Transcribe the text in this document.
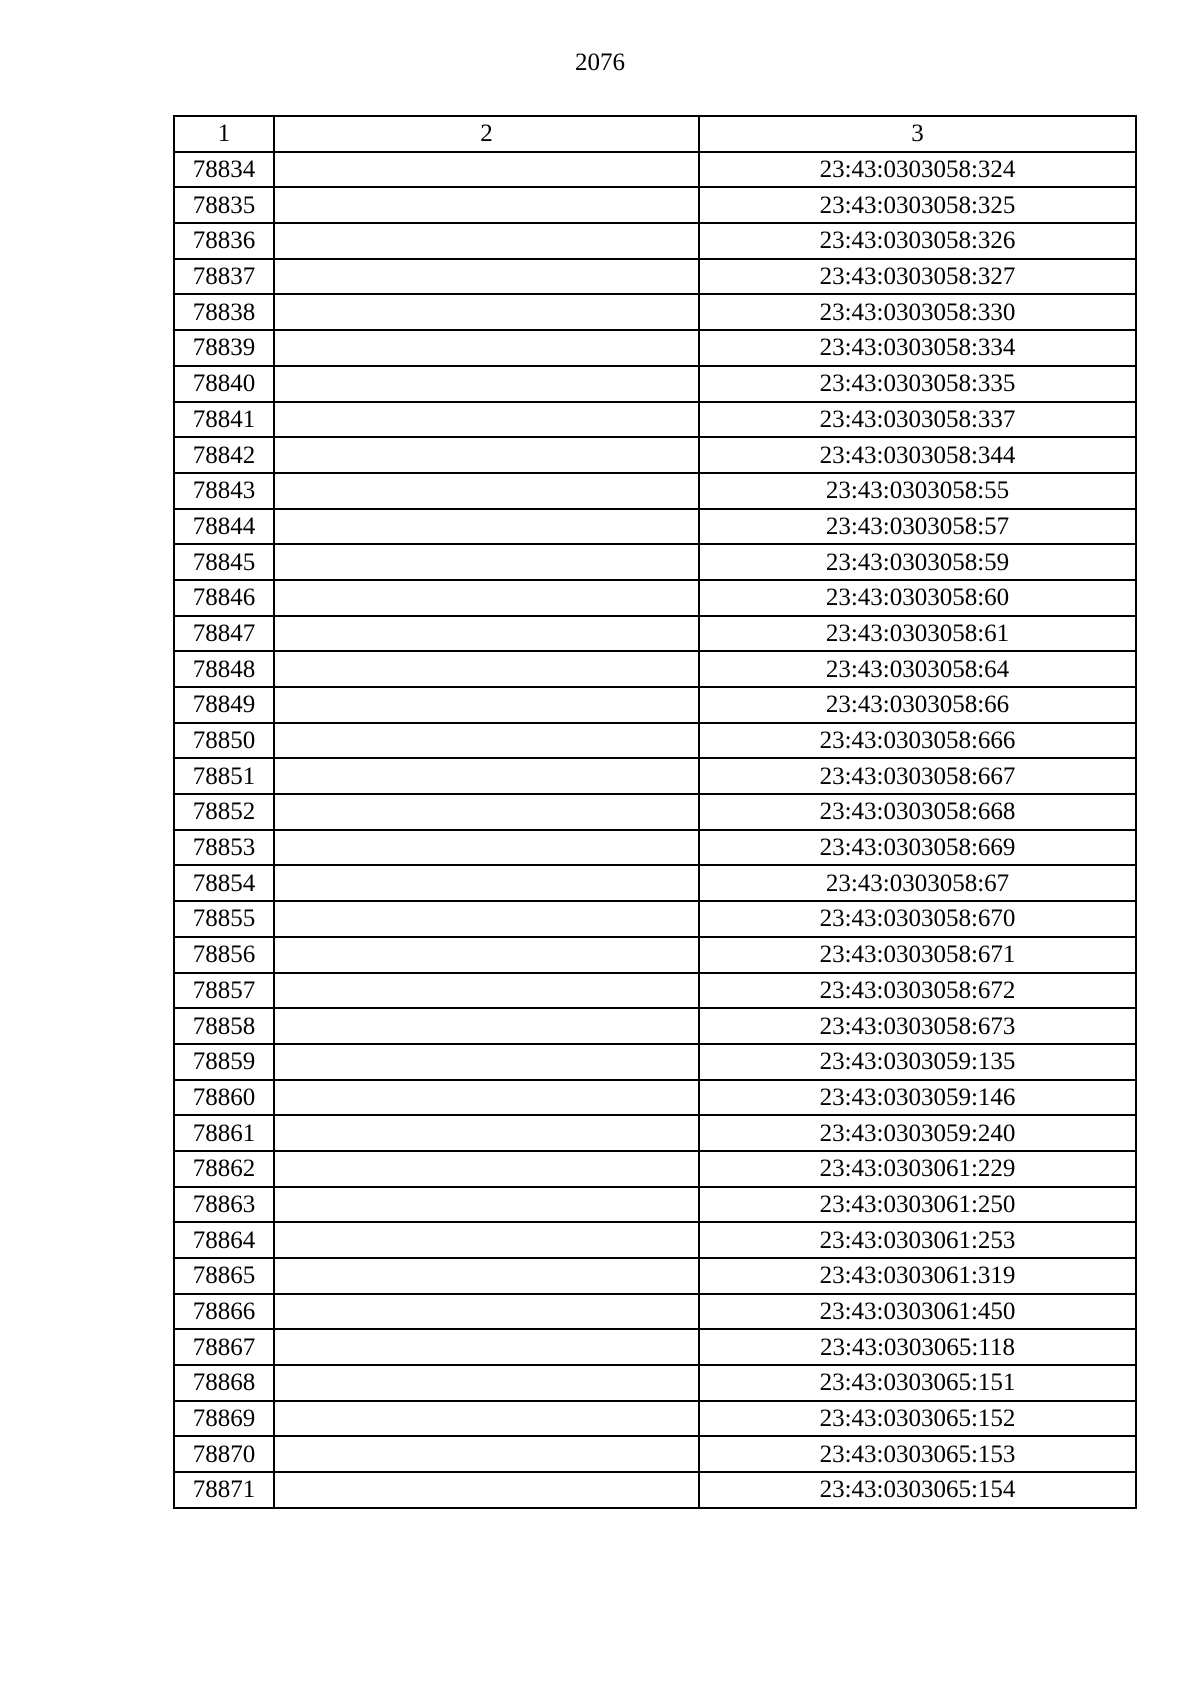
2076
1	2	3
78834		23:43:0303058:324
78835		23:43:0303058:325
78836		23:43:0303058:326
78837		23:43:0303058:327
78838		23:43:0303058:330
78839		23:43:0303058:334
78840		23:43:0303058:335
78841		23:43:0303058:337
78842		23:43:0303058:344
78843		23:43:0303058:55
78844		23:43:0303058:57
78845		23:43:0303058:59
78846		23:43:0303058:60
78847		23:43:0303058:61
78848		23:43:0303058:64
78849		23:43:0303058:66
78850		23:43:0303058:666
78851		23:43:0303058:667
78852		23:43:0303058:668
78853		23:43:0303058:669
78854		23:43:0303058:67
78855		23:43:0303058:670
78856		23:43:0303058:671
78857		23:43:0303058:672
78858		23:43:0303058:673
78859		23:43:0303059:135
78860		23:43:0303059:146
78861		23:43:0303059:240
78862		23:43:0303061:229
78863		23:43:0303061:250
78864		23:43:0303061:253
78865		23:43:0303061:319
78866		23:43:0303061:450
78867		23:43:0303065:118
78868		23:43:0303065:151
78869		23:43:0303065:152
78870		23:43:0303065:153
78871		23:43:0303065:154
